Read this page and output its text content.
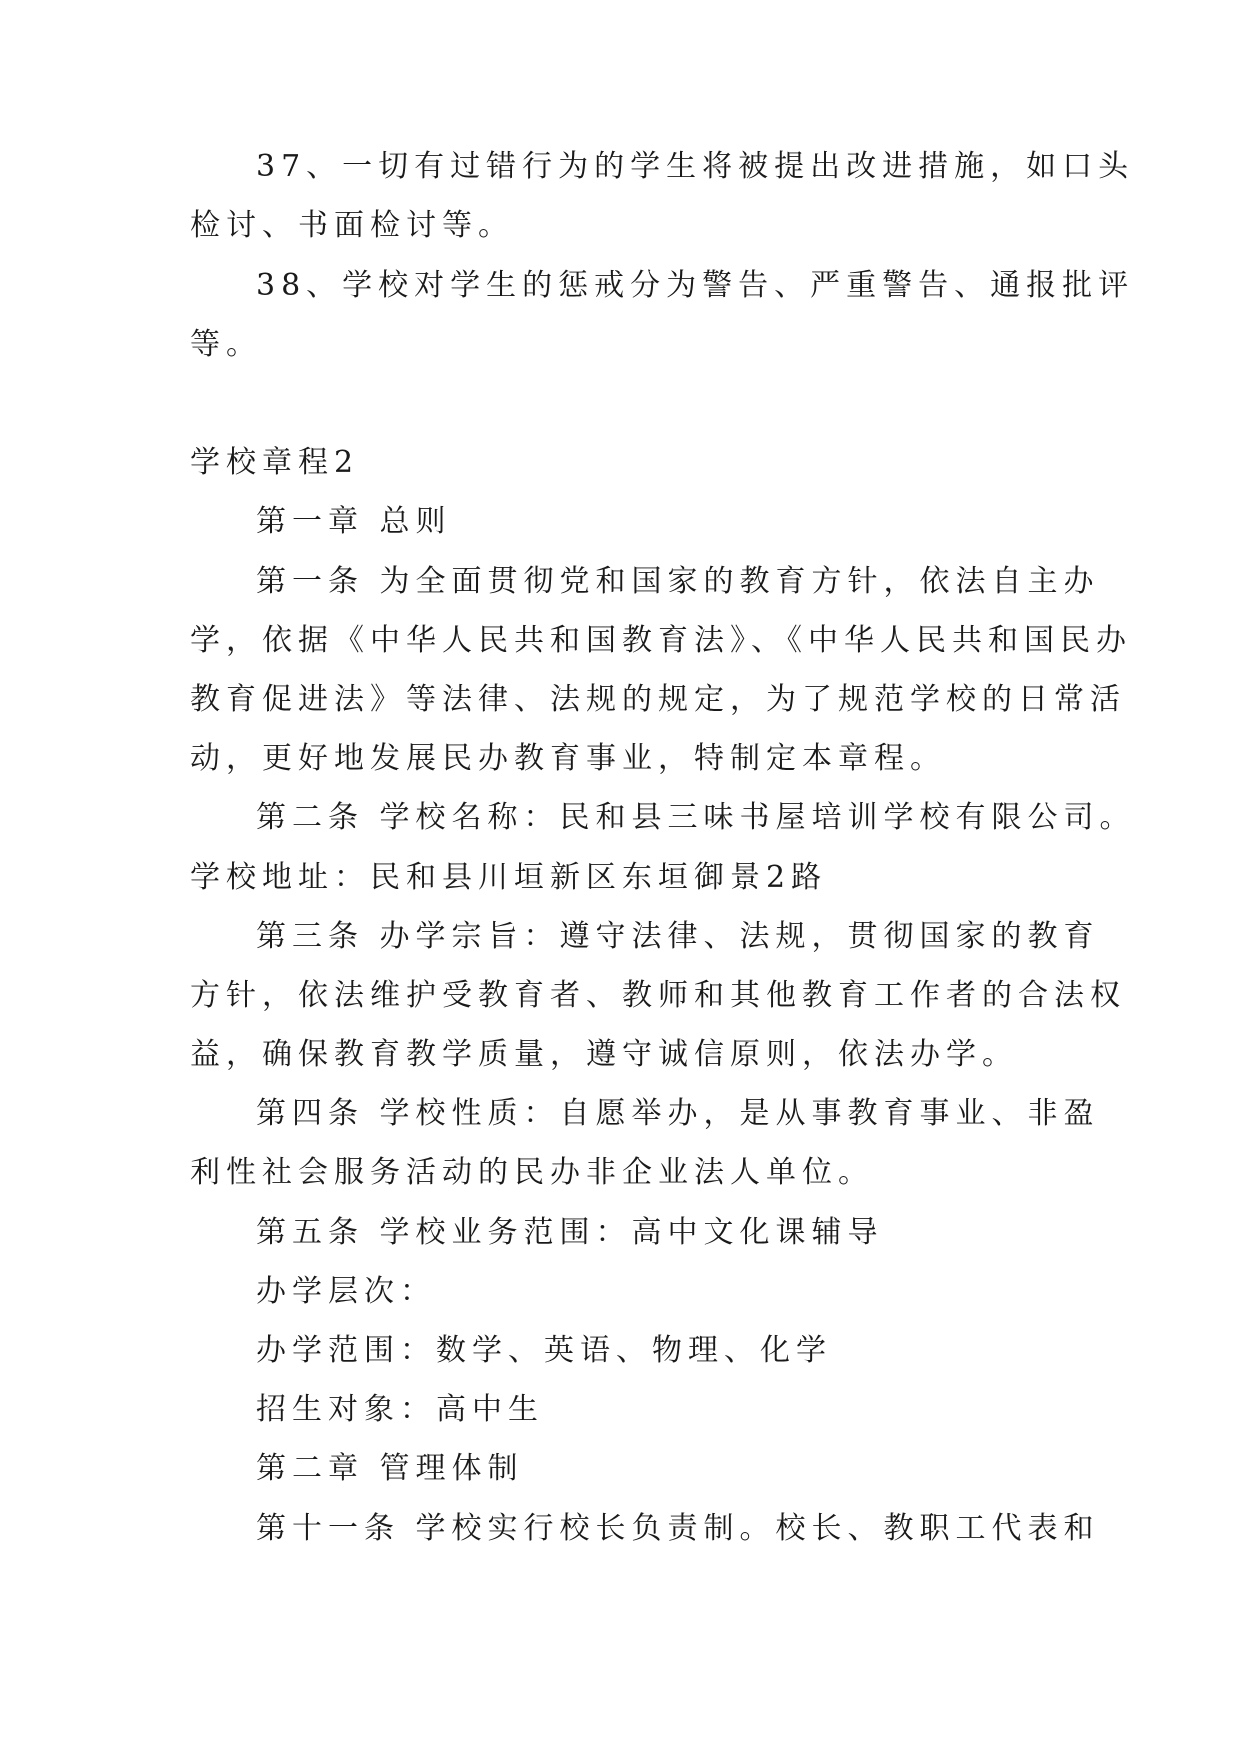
37、一切有过错行为的学生将被提出改进措施，如口头
检讨、书面检讨等。
38、学校对学生的惩戒分为警告、严重警告、通报批评
等。
学校章程2
第一章 总则
第一条 为全面贯彻党和国家的教育方针，依法自主办
学，依据《中华人民共和国教育法》、《中华人民共和国民办
教育促进法》等法律、法规的规定，为了规范学校的日常活
动，更好地发展民办教育事业，特制定本章程。
第二条 学校名称：民和县三味书屋培训学校有限公司。
学校地址：民和县川垣新区东垣御景2路
第三条 办学宗旨：遵守法律、法规，贯彻国家的教育
方针，依法维护受教育者、教师和其他教育工作者的合法权
益，确保教育教学质量，遵守诚信原则，依法办学。
第四条 学校性质：自愿举办，是从事教育事业、非盈
利性社会服务活动的民办非企业法人单位。
第五条 学校业务范围：高中文化课辅导
办学层次：
办学范围：数学、英语、物理、化学
招生对象：高中生
第二章 管理体制
第十一条 学校实行校长负责制。校长、教职工代表和
